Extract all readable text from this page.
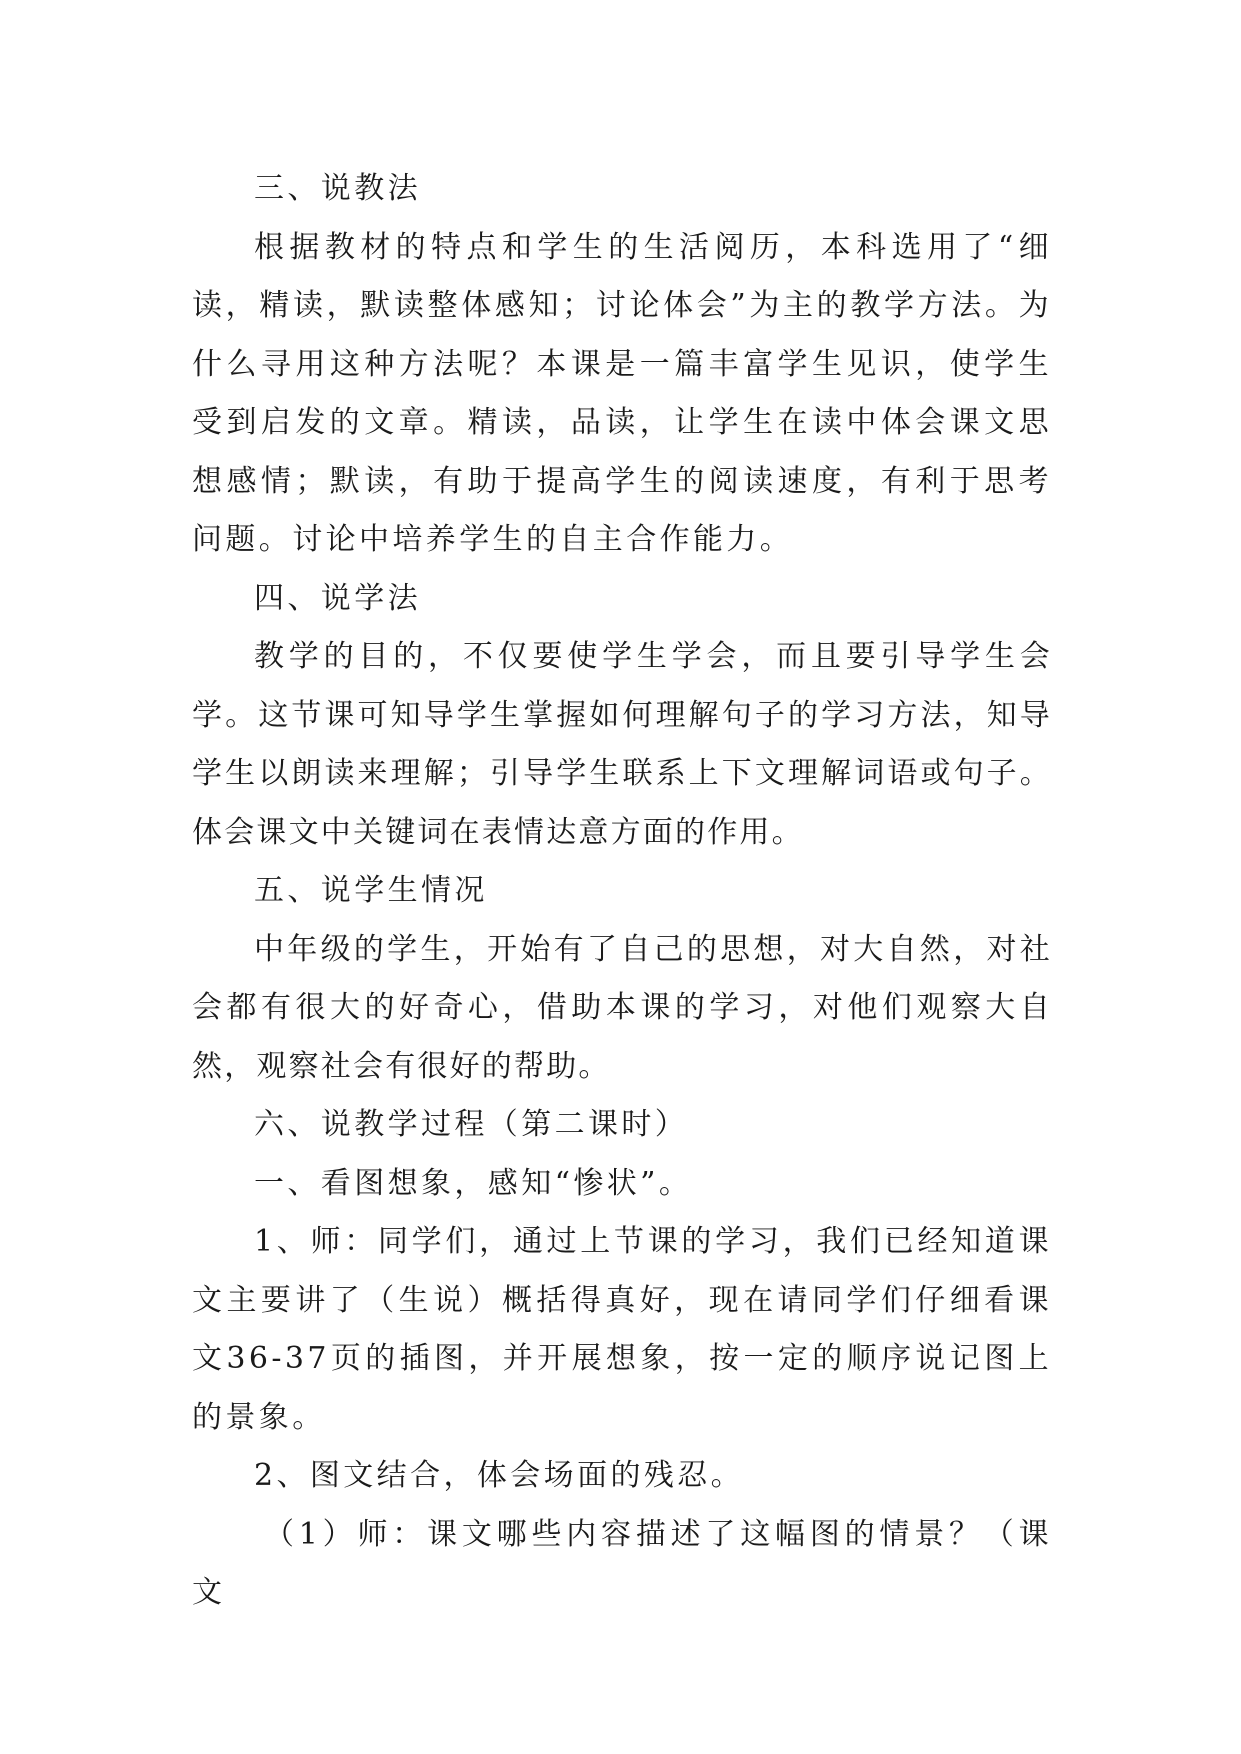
三、说教法

根据教材的特点和学生的生活阅历，本科选用了“细读，精读，默读整体感知；讨论体会”为主的教学方法。为什么寻用这种方法呢？本课是一篇丰富学生见识，使学生受到启发的文章。精读，品读，让学生在读中体会课文思想感情；默读，有助于提高学生的阅读速度，有利于思考问题。讨论中培养学生的自主合作能力。

四、说学法

教学的目的，不仅要使学生学会，而且要引导学生会学。这节课可知导学生掌握如何理解句子的学习方法，知导学生以朗读来理解；引导学生联系上下文理解词语或句子。体会课文中关键词在表情达意方面的作用。

五、说学生情况

中年级的学生，开始有了自己的思想，对大自然，对社会都有很大的好奇心，借助本课的学习，对他们观察大自然，观察社会有很好的帮助。

六、说教学过程（第二课时）

一、看图想象，感知“惨状”。

1、师：同学们，通过上节课的学习，我们已经知道课文主要讲了（生说）概括得真好，现在请同学们仔细看课文36-37页的插图，并开展想象，按一定的顺序说记图上的景象。

2、图文结合，体会场面的残忍。

（1）师：课文哪些内容描述了这幅图的情景？（课文
